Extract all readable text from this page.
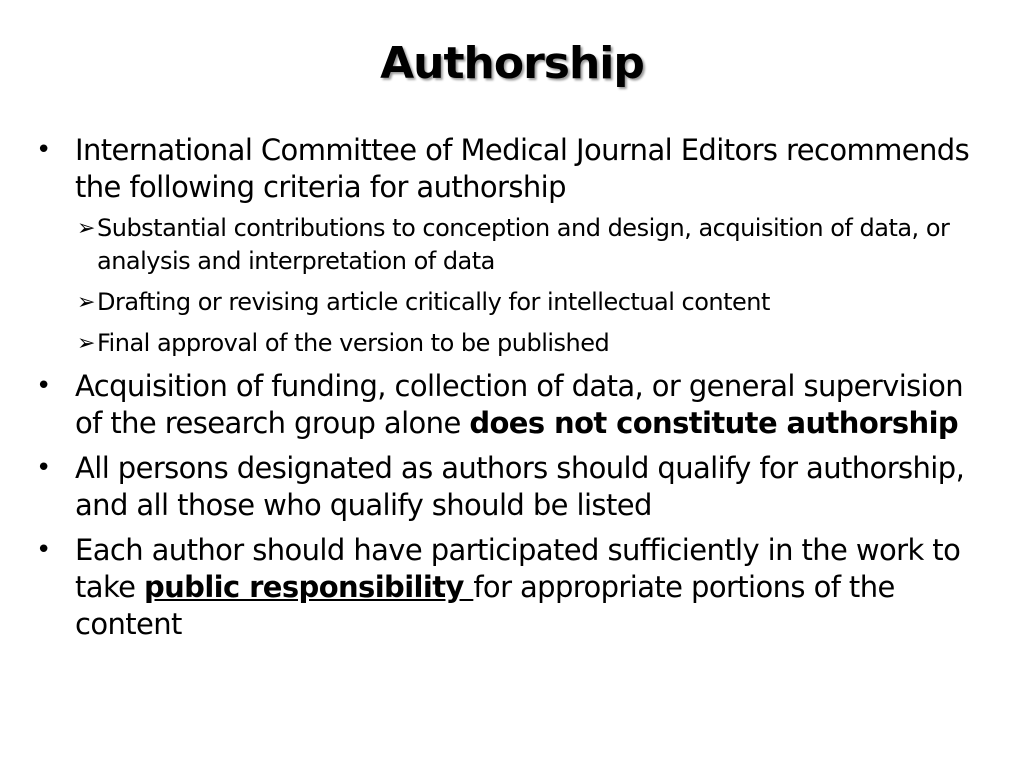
Authorship
• International Committee of Medical Journal Editors recommends the following criteria for authorship
➢ Substantial contributions to conception and design, acquisition of data, or analysis and interpretation of data
➢ Drafting or revising article critically for intellectual content
➢ Final approval of the version to be published
• Acquisition of funding, collection of data, or general supervision of the research group alone does not constitute authorship
• All persons designated as authors should qualify for authorship, and all those who qualify should be listed
• Each author should have participated sufficiently in the work to take public responsibility for appropriate portions of the content
